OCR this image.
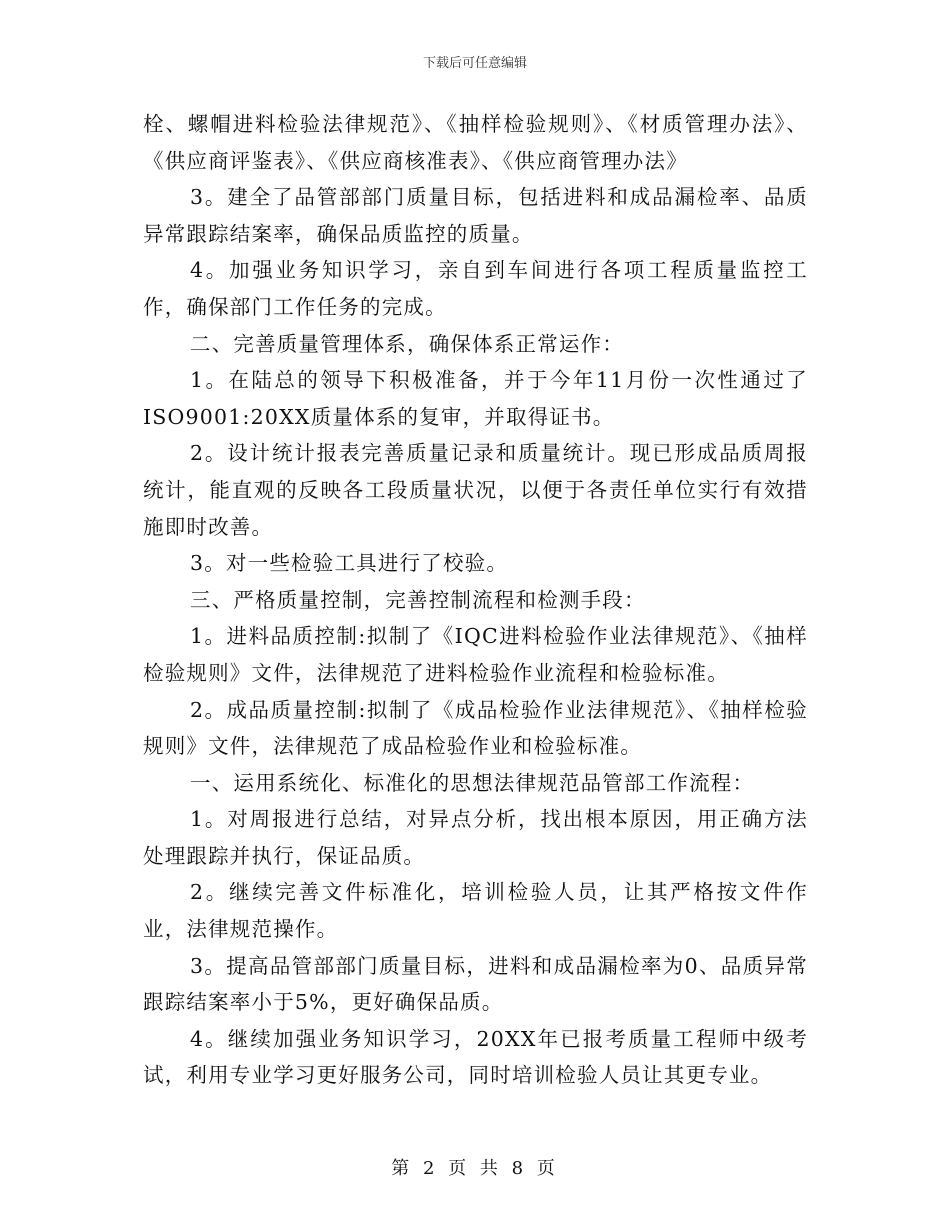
下载后可任意编辑

栓、螺帽进料检验法律规范》、《抽样检验规则》、《材质管理办法》、《供应商评鉴表》、《供应商核准表》、《供应商管理办法》

3。建全了品管部部门质量目标，包括进料和成品漏检率、品质异常跟踪结案率，确保品质监控的质量。

4。加强业务知识学习，亲自到车间进行各项工程质量监控工作，确保部门工作任务的完成。

二、完善质量管理体系，确保体系正常运作：

1。在陆总的领导下积极准备，并于今年11月份一次性通过了ISO9001:20XX质量体系的复审，并取得证书。

2。设计统计报表完善质量记录和质量统计。现已形成品质周报统计，能直观的反映各工段质量状况，以便于各责任单位实行有效措施即时改善。

3。对一些检验工具进行了校验。

三、严格质量控制，完善控制流程和检测手段：

1。进料品质控制:拟制了《IQC进料检验作业法律规范》、《抽样检验规则》文件，法律规范了进料检验作业流程和检验标准。

2。成品质量控制:拟制了《成品检验作业法律规范》、《抽样检验规则》文件，法律规范了成品检验作业和检验标准。

一、运用系统化、标准化的思想法律规范品管部工作流程：

1。对周报进行总结，对异点分析，找出根本原因，用正确方法处理跟踪并执行，保证品质。

2。继续完善文件标准化，培训检验人员，让其严格按文件作业，法律规范操作。

3。提高品管部部门质量目标，进料和成品漏检率为0、品质异常跟踪结案率小于5%，更好确保品质。

4。继续加强业务知识学习，20XX年已报考质量工程师中级考试，利用专业学习更好服务公司，同时培训检验人员让其更专业。

第 2 页 共 8 页
